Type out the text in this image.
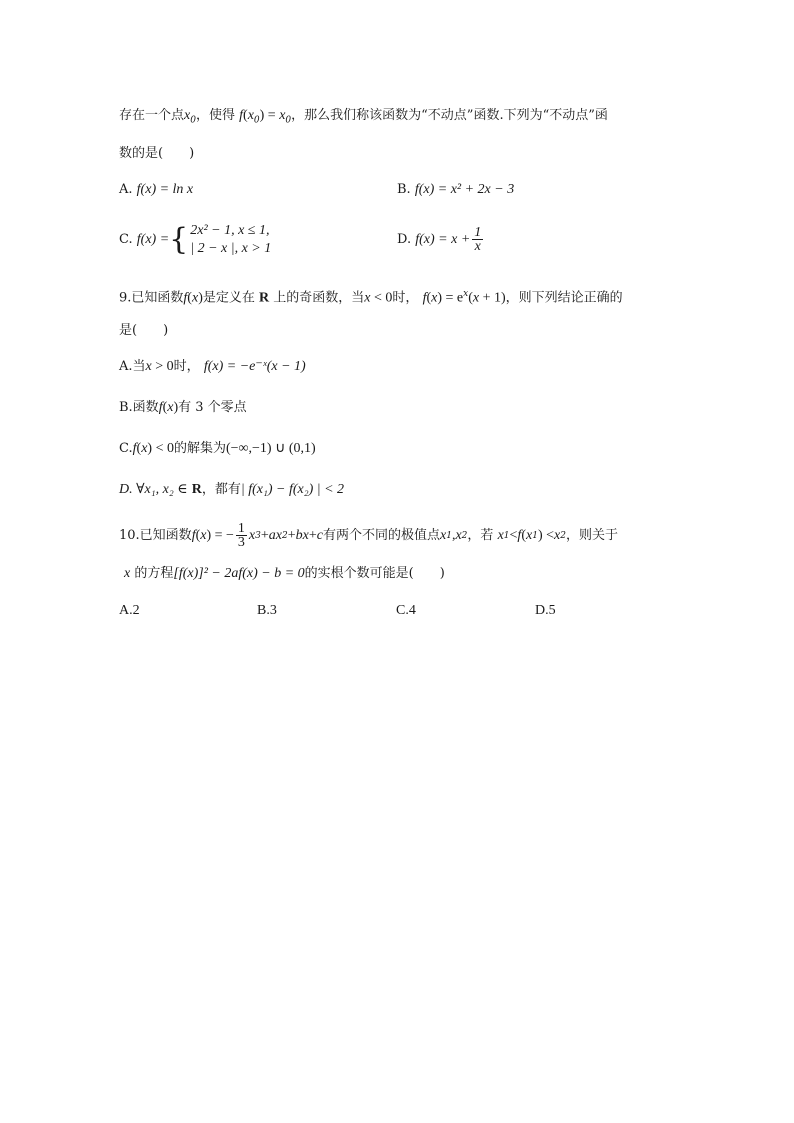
存在一个点$x_0$，使得 $f(x_0) = x_0$，那么我们称该函数为“不动点”函数.下列为“不动点”函
数的是(　　)
A. f(x) = ln x	B. f(x) = x² + 2x − 3
C.
f(x) = { 2x² − 1, x ≤ 1,
| 2 − x |, x > 1
D.
$f(x) = x + \frac{1}{x}$
9.已知函数f(x)是定义在 R 上的奇函数，当x < 0时， $f(x) = e^x(x + 1)$，则下列结论正确的
是(　　)
A.当x > 0时， f(x) = −e⁻ˣ(x − 1)
B.函数f(x)有 3 个零点
C.f(x) < 0的解集为(−∞,−1) ∪ (0,1)
D. ∀x₁, x₂ ∈ R，都有| f(x₁) − f(x₂) | < 2
10.已知函数 f ( x ) = − $\frac{1}{3}$ x 3 + ax 2 + bx + c 有两个不同的极值点 x 1 , x 2 ，若
x 1 < f ( x 1 ) < x 2 ，则关于
x 的方程[f(x)]² − 2af(x) − b = 0的实根个数可能是(　　)
A.2	B.3	C.4	D.5
